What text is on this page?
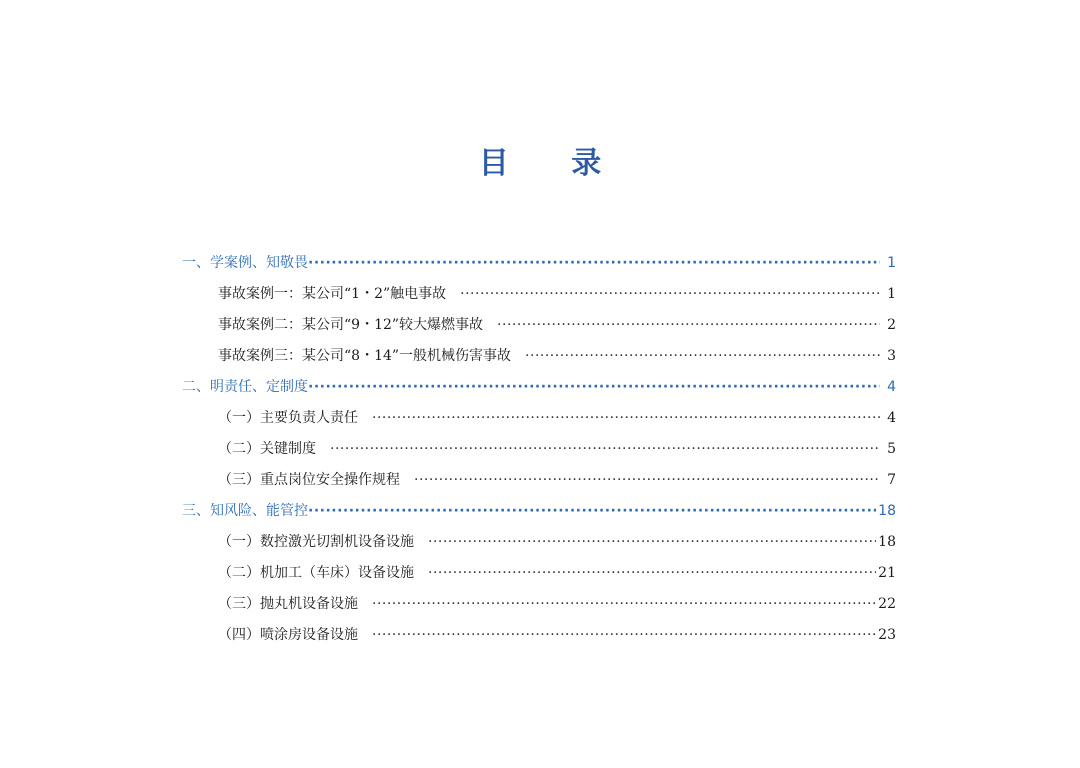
目 录
一、学案例、知敬畏 ·····	1
事故案例一：某公司“1・2”触电事故 ·····	1
事故案例二：某公司“9・12”较大爆燃事故 ·····	2
事故案例三：某公司“8・14”一般机械伤害事故 ·····	3
二、明责任、定制度 ·····	4
（一）主要负责人责任 ·····	4
（二）关键制度 ·····	5
（三）重点岗位安全操作规程 ·····	7
三、知风险、能管控 ·····	18
（一）数控激光切割机设备设施 ·····	18
（二）机加工（车床）设备设施 ·····	21
（三）抛丸机设备设施 ·····	22
（四）喷涂房设备设施 ·····	23
